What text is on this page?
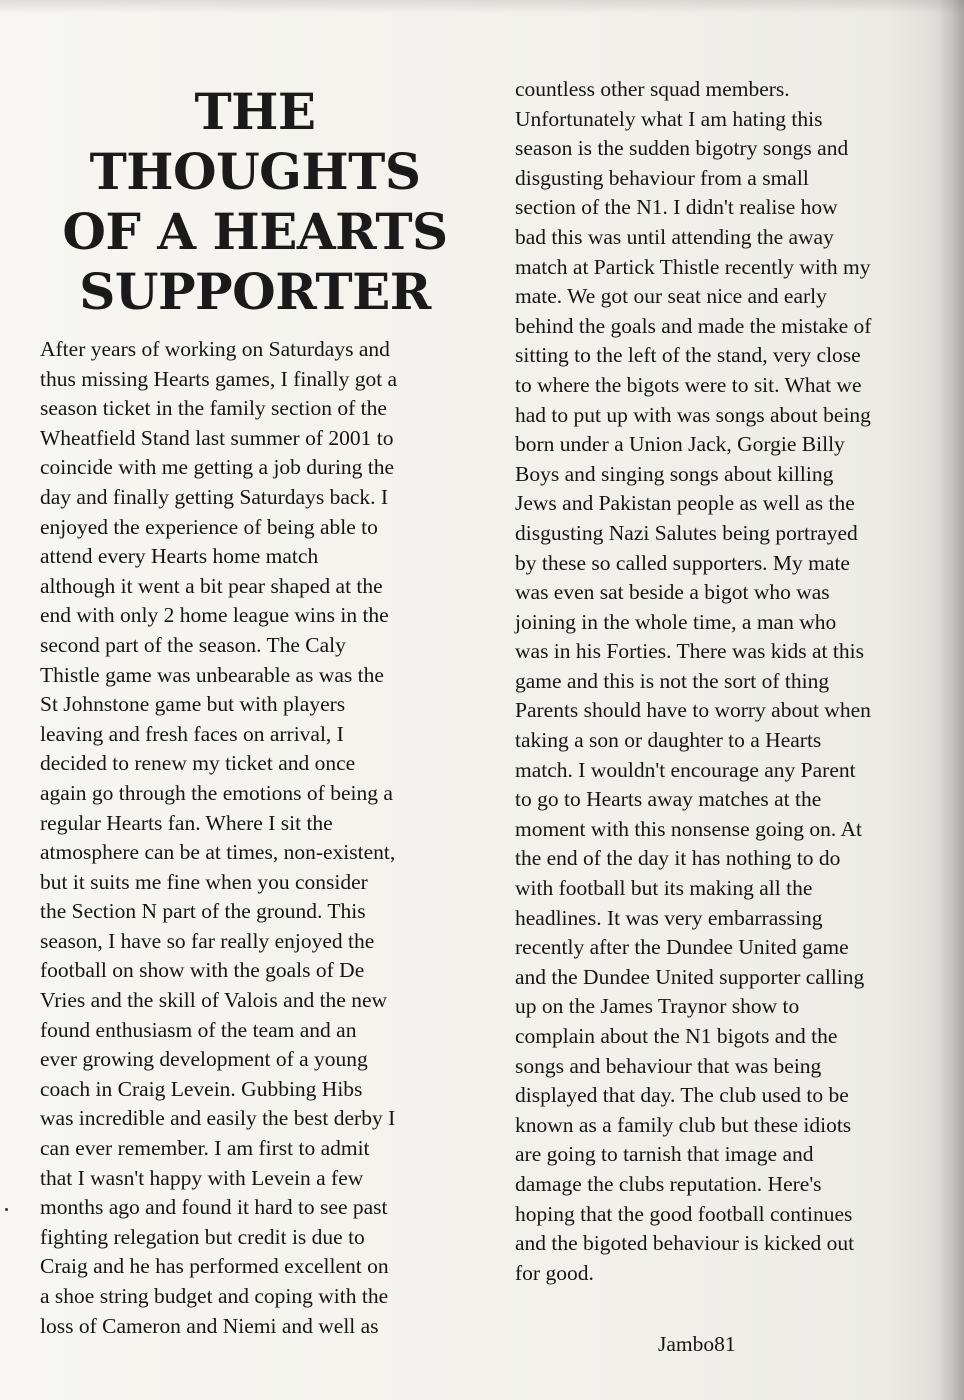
THE
THOUGHTS
OF A HEARTS
SUPPORTER
After years of working on Saturdays and
thus missing Hearts games, I finally got a
season ticket in the family section of the
Wheatfield Stand last summer of 2001 to
coincide with me getting a job during the
day and finally getting Saturdays back. I
enjoyed the experience of being able to
attend every Hearts home match
although it went a bit pear shaped at the
end with only 2 home league wins in the
second part of the season. The Caly
Thistle game was unbearable as was the
St Johnstone game but with players
leaving and fresh faces on arrival, I
decided to renew my ticket and once
again go through the emotions of being a
regular Hearts fan. Where I sit the
atmosphere can be at times, non-existent,
but it suits me fine when you consider
the Section N part of the ground. This
season, I have so far really enjoyed the
football on show with the goals of De
Vries and the skill of Valois and the new
found enthusiasm of the team and an
ever growing development of a young
coach in Craig Levein. Gubbing Hibs
was incredible and easily the best derby I
can ever remember. I am first to admit
that I wasn't happy with Levein a few
months ago and found it hard to see past
fighting relegation but credit is due to
Craig and he has performed excellent on
a shoe string budget and coping with the
loss of Cameron and Niemi and well as
countless other squad members.
Unfortunately what I am hating this
season is the sudden bigotry songs and
disgusting behaviour from a small
section of the N1. I didn't realise how
bad this was until attending the away
match at Partick Thistle recently with my
mate. We got our seat nice and early
behind the goals and made the mistake of
sitting to the left of the stand, very close
to where the bigots were to sit. What we
had to put up with was songs about being
born under a Union Jack, Gorgie Billy
Boys and singing songs about killing
Jews and Pakistan people as well as the
disgusting Nazi Salutes being portrayed
by these so called supporters. My mate
was even sat beside a bigot who was
joining in the whole time, a man who
was in his Forties. There was kids at this
game and this is not the sort of thing
Parents should have to worry about when
taking a son or daughter to a Hearts
match. I wouldn't encourage any Parent
to go to Hearts away matches at the
moment with this nonsense going on. At
the end of the day it has nothing to do
with football but its making all the
headlines. It was very embarrassing
recently after the Dundee United game
and the Dundee United supporter calling
up on the James Traynor show to
complain about the N1 bigots and the
songs and behaviour that was being
displayed that day. The club used to be
known as a family club but these idiots
are going to tarnish that image and
damage the clubs reputation. Here's
hoping that the good football continues
and the bigoted behaviour is kicked out
for good.
Jambo81
